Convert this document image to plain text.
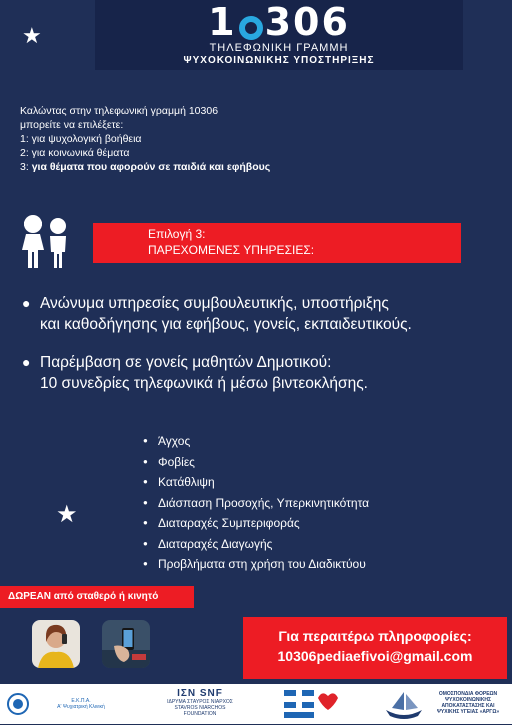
★
★
1 306
ΤΗΛΕΦΩΝΙΚΗ ΓΡΑΜΜΗ
ΨΥΧΟΚΟΙΝΩΝΙΚΗΣ ΥΠΟΣΤΗΡΙΞΗΣ
Καλώντας στην τηλεφωνική γραμμή 10306
μπορείτε να επιλέξετε:
1: για ψυχολογική βοήθεια
2: για κοινωνικά θέματα
3: για θέματα που αφορούν σε παιδιά και εφήβους
Επιλογή 3:
ΠΑΡΕΧΟΜΕΝΕΣ ΥΠΗΡΕΣΙΕΣ:
● Ανώνυμα υπηρεσίες συμβουλευτικής, υποστήριξης
και καθοδήγησης για εφήβους, γονείς, εκπαιδευτικούς.
● Παρέμβαση σε γονείς μαθητών Δημοτικού:
10 συνεδρίες τηλεφωνικά ή μέσω βιντεοκλήσης.
● Άγχος
● Φοβίες
● Κατάθλιψη
● Διάσπαση Προσοχής, Υπερκινητικότητα
● Διαταραχές Συμπεριφοράς
● Διαταραχές Διαγωγής
● Προβλήματα στη χρήση του Διαδικτύου
ΔΩΡΕΑΝ από σταθερό ή κινητό
Για περαιτέρω πληροφορίες:
10306pediaefivoi@gmail.com
Ε.Κ.Π.Α.
Α' Ψυχιατρική Κλινική
ΙΣΝ SNF
ΙΔΡΥΜΑ ΣΤΑΥΡΟΣ ΝΙΑΡΧΟΣ
STAVROS NIARCHOS
FOUNDATION
ΟΜΟΣΠΟΝΔΙΑ ΦΟΡΕΩΝ
ΨΥΧΟΚΟΙΝΩΝΙΚΗΣ
ΑΠΟΚΑΤΑΣΤΑΣΗΣ ΚΑΙ
ΨΥΧΙΚΗΣ ΥΓΕΙΑΣ «ΑΡΓΩ»
